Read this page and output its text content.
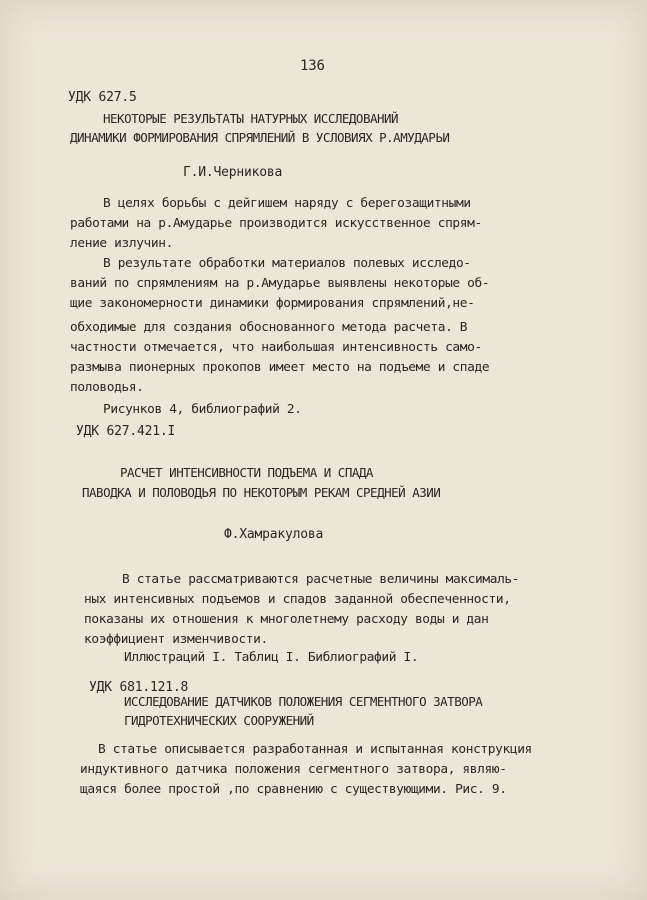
136
УДК 627.5
НЕКОТОРЫЕ РЕЗУЛЬТАТЫ НАТУРНЫХ ИССЛЕДОВАНИЙ
ДИНАМИКИ ФОРМИРОВАНИЯ СПРЯМЛЕНИЙ В УСЛОВИЯХ Р.АМУДАРЬИ
Г.И.Черникова
В целях борьбы с дейгишем наряду с берегозащитными
работами на р.Амударье производится искусственное спрям-
ление излучин.
В результате обработки материалов полевых исследо-
ваний по спрямлениям на р.Амударье выявлены некоторые об-
щие закономерности динамики формирования спрямлений,не-
обходимые для создания обоснованного метода расчета. В
частности отмечается, что наибольшая интенсивность само-
размыва пионерных прокопов имеет место на подъеме и спаде
половодья.
Рисунков 4, библиографий 2.
УДК 627.421.I
РАСЧЕТ ИНТЕНСИВНОСТИ ПОДЪЕМА И СПАДА
ПАВОДКА И ПОЛОВОДЬЯ ПО НЕКОТОРЫМ РЕКАМ СРЕДНЕЙ АЗИИ
Ф.Хамракулова
В статье рассматриваются расчетные величины максималь-
ных интенсивных подъемов и спадов заданной обеспеченности,
показаны их отношения к многолетнему расходу воды и дан
коэффициент изменчивости.
Иллюстраций I. Таблиц I. Библиографий I.
УДК 681.121.8
ИССЛЕДОВАНИЕ ДАТЧИКОВ ПОЛОЖЕНИЯ СЕГМЕНТНОГО ЗАТВОРА
ГИДРОТЕХНИЧЕСКИХ СООРУЖЕНИЙ
В статье описывается разработанная и испытанная конструкция
индуктивного датчика положения сегментного затвора, являю-
щаяся более простой ,по сравнению с существующими. Рис. 9.
